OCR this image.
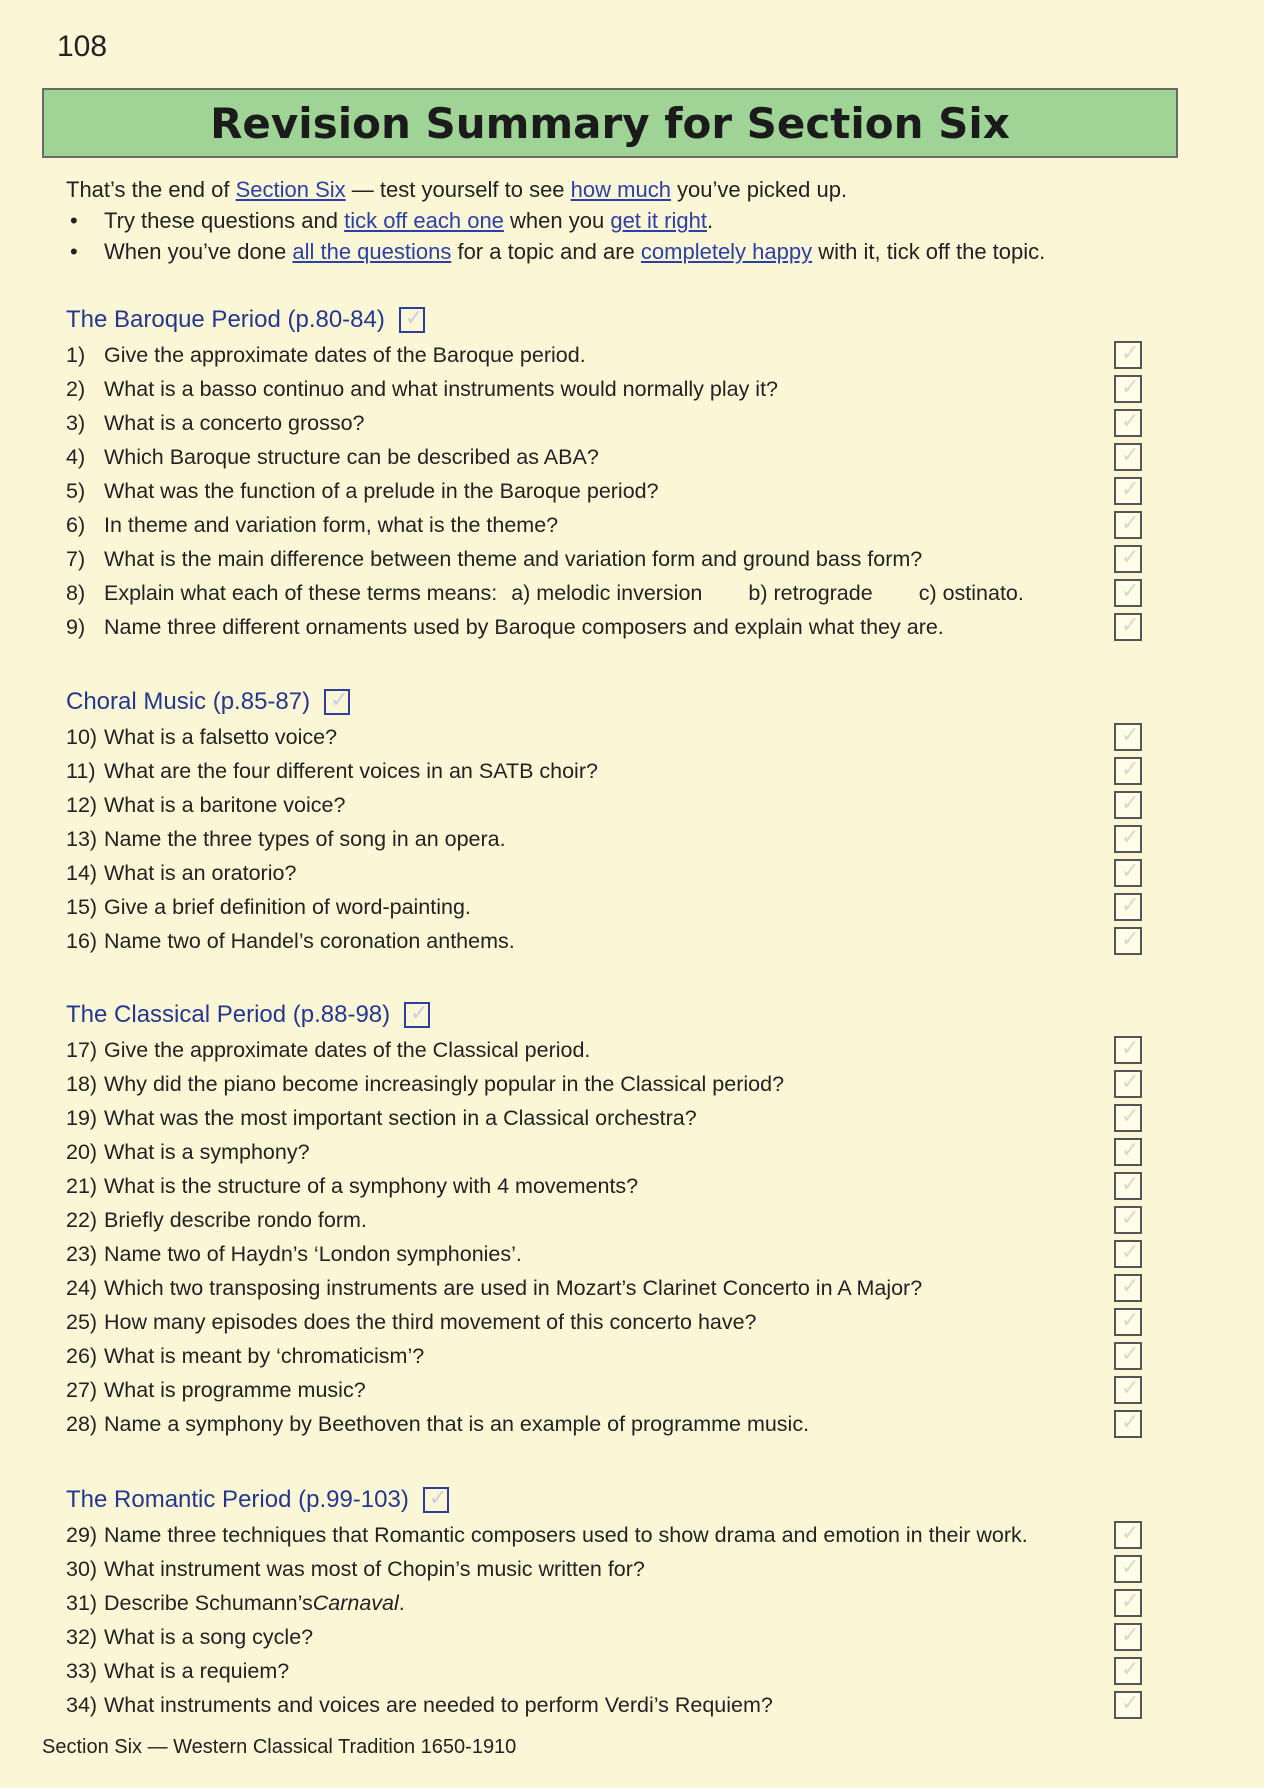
108
Revision Summary for Section Six

That’s the end of Section Six — test yourself to see how much you’ve picked up.

• Try these questions and tick off each one when you get it right.
• When you’ve done all the questions for a topic and are completely happy with it, tick off the topic.
The Baroque Period (p.80-84) ✓
1) Give the approximate dates of the Baroque period.	✓
2) What is a basso continuo and what instruments would normally play it?	✓
3) What is a concerto grosso?	✓
4) Which Baroque structure can be described as ABA?	✓
5) What was the function of a prelude in the Baroque period?	✓
6) In theme and variation form, what is the theme?	✓
7) What is the main difference between theme and variation form and ground bass form?	✓
8) Explain what each of these terms means: a) melodic inversion b) retrograde c) ostinato.	✓
9) Name three different ornaments used by Baroque composers and explain what they are.	✓
Choral Music (p.85-87) ✓
10) What is a falsetto voice?	✓
11) What are the four different voices in an SATB choir?	✓
12) What is a baritone voice?	✓
13) Name the three types of song in an opera.	✓
14) What is an oratorio?	✓
15) Give a brief definition of word-painting.	✓
16) Name two of Handel’s coronation anthems.	✓
The Classical Period (p.88-98) ✓
17) Give the approximate dates of the Classical period.	✓
18) Why did the piano become increasingly popular in the Classical period?	✓
19) What was the most important section in a Classical orchestra?	✓
20) What is a symphony?	✓
21) What is the structure of a symphony with 4 movements?	✓
22) Briefly describe rondo form.	✓
23) Name two of Haydn’s ‘London symphonies’.	✓
24) Which two transposing instruments are used in Mozart’s Clarinet Concerto in A Major?	✓
25) How many episodes does the third movement of this concerto have?	✓
26) What is meant by ‘chromaticism’?	✓
27) What is programme music?	✓
28) Name a symphony by Beethoven that is an example of programme music.	✓
The Romantic Period (p.99-103) ✓
29) Name three techniques that Romantic composers used to show drama and emotion in their work.	✓
30) What instrument was most of Chopin’s music written for?	✓
31) Describe Schumann’s Carnaval .	✓
32) What is a song cycle?	✓
33) What is a requiem?	✓
34) What instruments and voices are needed to perform Verdi’s Requiem?	✓
Section Six — Western Classical Tradition 1650-1910
